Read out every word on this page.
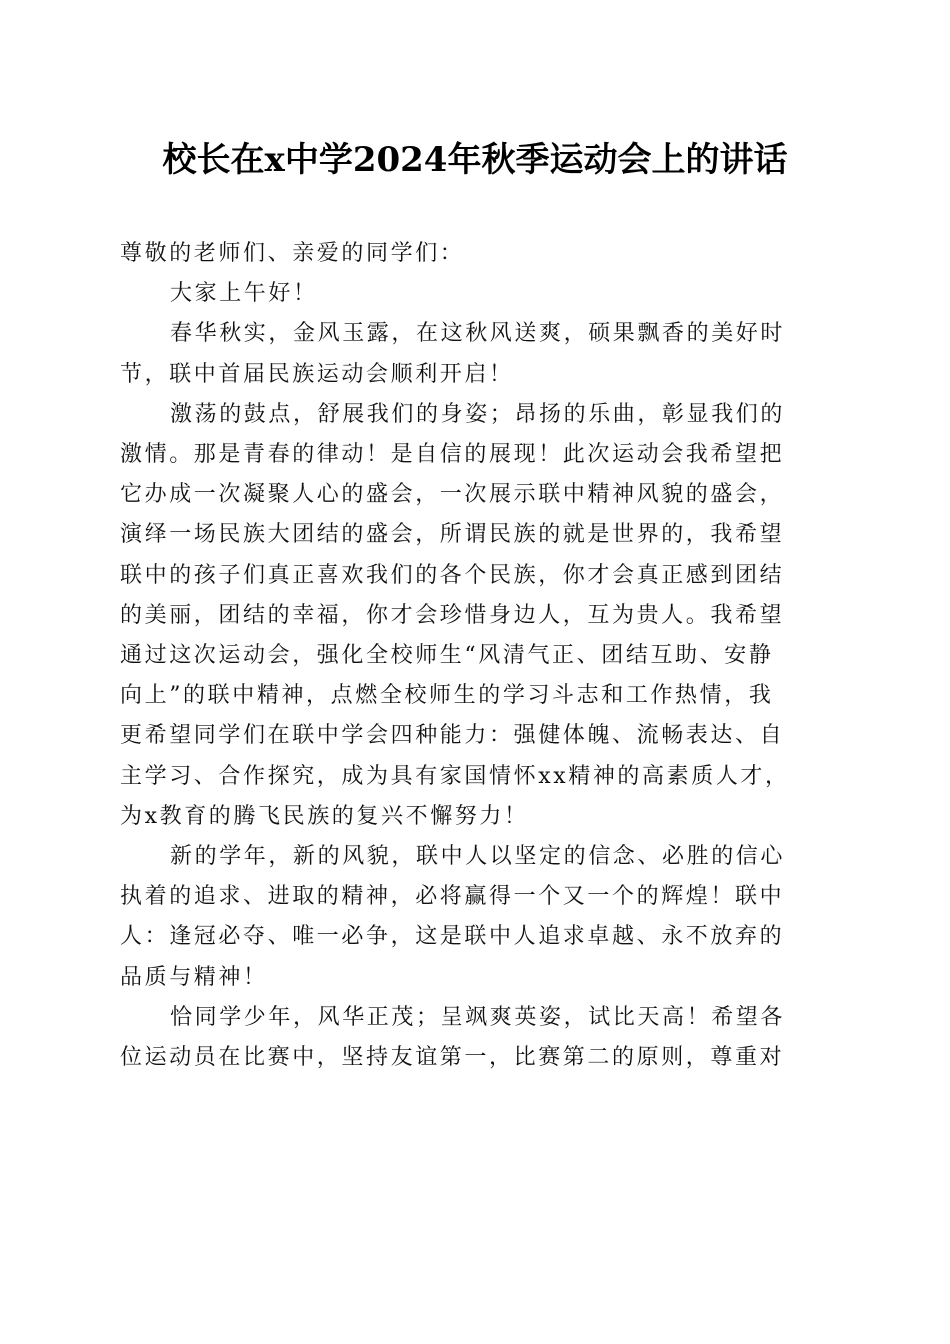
校长在x中学2024年秋季运动会上的讲话

尊敬的老师们、亲爱的同学们：

大家上午好！

春华秋实，金风玉露，在这秋风送爽，硕果飘香的美好时
节，联中首届民族运动会顺利开启！

激荡的鼓点，舒展我们的身姿；昂扬的乐曲，彰显我们的
激情。那是青春的律动！是自信的展现！此次运动会我希望把
它办成一次凝聚人心的盛会，一次展示联中精神风貌的盛会，
演绎一场民族大团结的盛会，所谓民族的就是世界的，我希望
联中的孩子们真正喜欢我们的各个民族，你才会真正感到团结
的美丽，团结的幸福，你才会珍惜身边人，互为贵人。我希望
通过这次运动会，强化全校师生“风清气正、团结互助、安静
向上”的联中精神，点燃全校师生的学习斗志和工作热情，我
更希望同学们在联中学会四种能力：强健体魄、流畅表达、自
主学习、合作探究，成为具有家国情怀xx精神的高素质人才，
为x教育的腾飞民族的复兴不懈努力！

新的学年，新的风貌，联中人以坚定的信念、必胜的信心
执着的追求、进取的精神，必将赢得一个又一个的辉煌！联中
人：逢冠必夺、唯一必争，这是联中人追求卓越、永不放弃的
品质与精神！

恰同学少年，风华正茂；呈飒爽英姿，试比天高！希望各
位运动员在比赛中，坚持友谊第一，比赛第二的原则，尊重对
